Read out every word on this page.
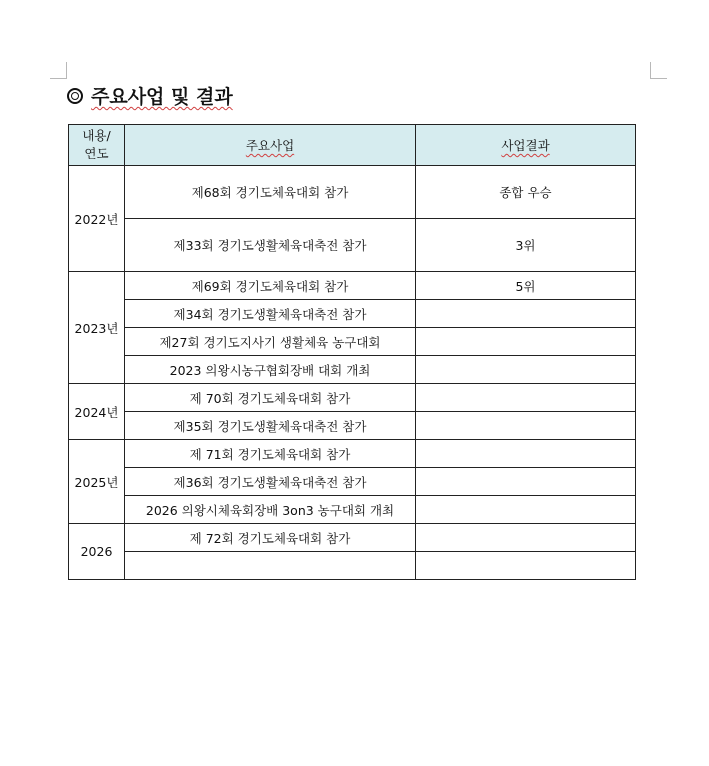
주요사업 및 결과
내용/
연도	주요사업	사업결과
2022년	제68회 경기도체육대회 참가	종합 우승
	제33회 경기도생활체육대축전 참가	3위
2023년	제69회 경기도체육대회 참가	5위
	제34회 경기도생활체육대축전 참가	
	제27회 경기도지사기 생활체육 농구대회	
	2023 의왕시농구협회장배 대회 개최	
2024년	제 70회 경기도체육대회 참가	
	제35회 경기도생활체육대축전 참가	
2025년	제 71회 경기도체육대회 참가	
	제36회 경기도생활체육대축전 참가	
	2026 의왕시체육회장배 3on3 농구대회 개최	
2026	제 72회 경기도체육대회 참가	
